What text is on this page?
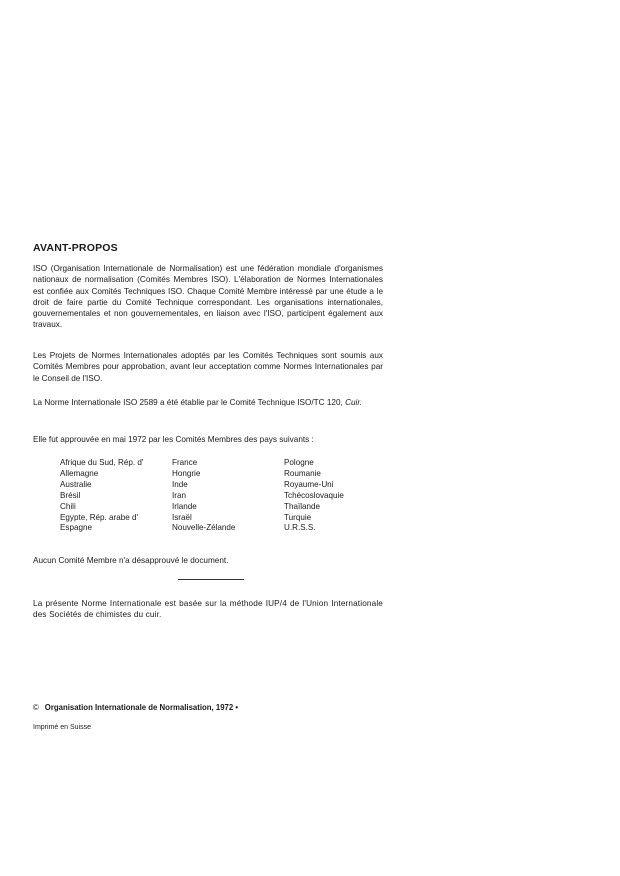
AVANT-PROPOS

ISO (Organisation Internationale de Normalisation) est une fédération mondiale d'organismes nationaux de normalisation (Comités Membres ISO). L'élaboration de Normes Internationales est confiée aux Comités Techniques ISO. Chaque Comité Membre intéressé par une étude a le droit de faire partie du Comité Technique correspondant. Les organisations internationales, gouvernementales et non gouvernementales, en liaison avec l'ISO, participent également aux travaux.

Les Projets de Normes Internationales adoptés par les Comités Techniques sont soumis aux Comités Membres pour approbation, avant leur acceptation comme Normes Internationales par le Conseil de l'ISO.

La Norme Internationale ISO 2589 a été établie par le Comité Technique ISO/TC 120, Cuir.

Elle fut approuvée en mai 1972 par les Comités Membres des pays suivants :

Afrique du Sud, Rép. d'	France	Pologne
Allemagne	Hongrie	Roumanie
Australie	Inde	Royaume-Uni
Brésil	Iran	Tchécoslovaquie
Chili	Irlande	Thaïlande
Egypte, Rép. arabe d'	Israël	Turquie
Espagne	Nouvelle-Zélande	U.R.S.S.

Aucun Comité Membre n'a désapprouvé le document.

La présente Norme Internationale est basée sur la méthode IUP/4 de l'Union Internationale des Sociétés de chimistes du cuir.

© Organisation Internationale de Normalisation, 1972 •
Imprimé en Suisse
